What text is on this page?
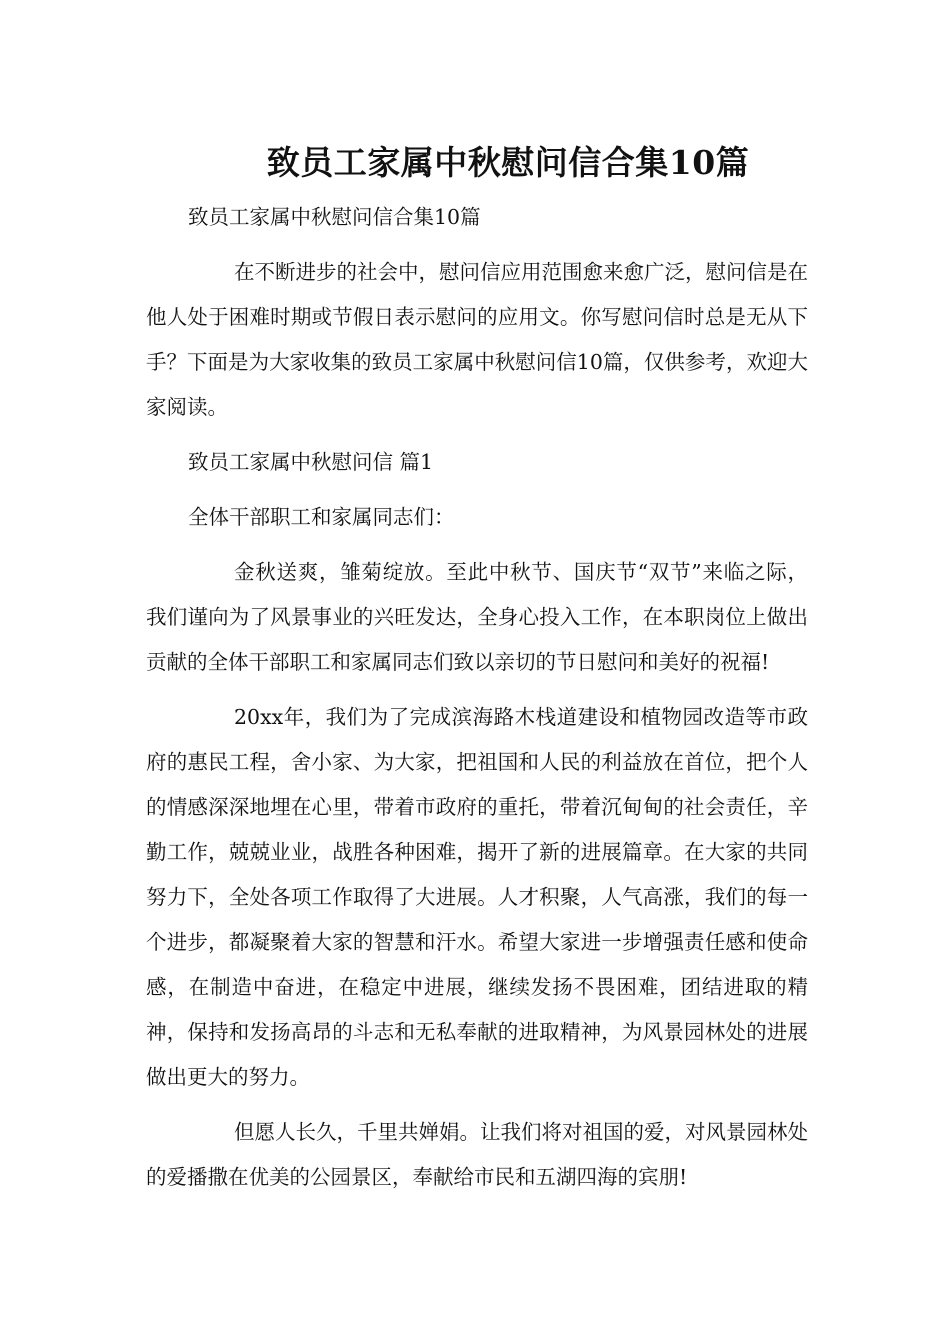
致员工家属中秋慰问信合集10篇

致员工家属中秋慰问信合集10篇

在不断进步的社会中，慰问信应用范围愈来愈广泛，慰问信是在他人处于困难时期或节假日表示慰问的应用文。你写慰问信时总是无从下手？下面是为大家收集的致员工家属中秋慰问信10篇，仅供参考，欢迎大家阅读。

致员工家属中秋慰问信 篇1

全体干部职工和家属同志们：

金秋送爽，雏菊绽放。至此中秋节、国庆节“双节”来临之际，我们谨向为了风景事业的兴旺发达，全身心投入工作，在本职岗位上做出贡献的全体干部职工和家属同志们致以亲切的节日慰问和美好的祝福!

20xx年，我们为了完成滨海路木栈道建设和植物园改造等市政府的惠民工程，舍小家、为大家，把祖国和人民的利益放在首位，把个人的情感深深地埋在心里，带着市政府的重托，带着沉甸甸的社会责任，辛勤工作，兢兢业业，战胜各种困难，揭开了新的进展篇章。在大家的共同努力下，全处各项工作取得了大进展。人才积聚，人气高涨，我们的每一个进步，都凝聚着大家的智慧和汗水。希望大家进一步增强责任感和使命感，在制造中奋进，在稳定中进展，继续发扬不畏困难，团结进取的精神，保持和发扬高昂的斗志和无私奉献的进取精神，为风景园林处的进展做出更大的努力。

但愿人长久，千里共婵娟。让我们将对祖国的爱，对风景园林处的爱播撒在优美的公园景区，奉献给市民和五湖四海的宾朋!
